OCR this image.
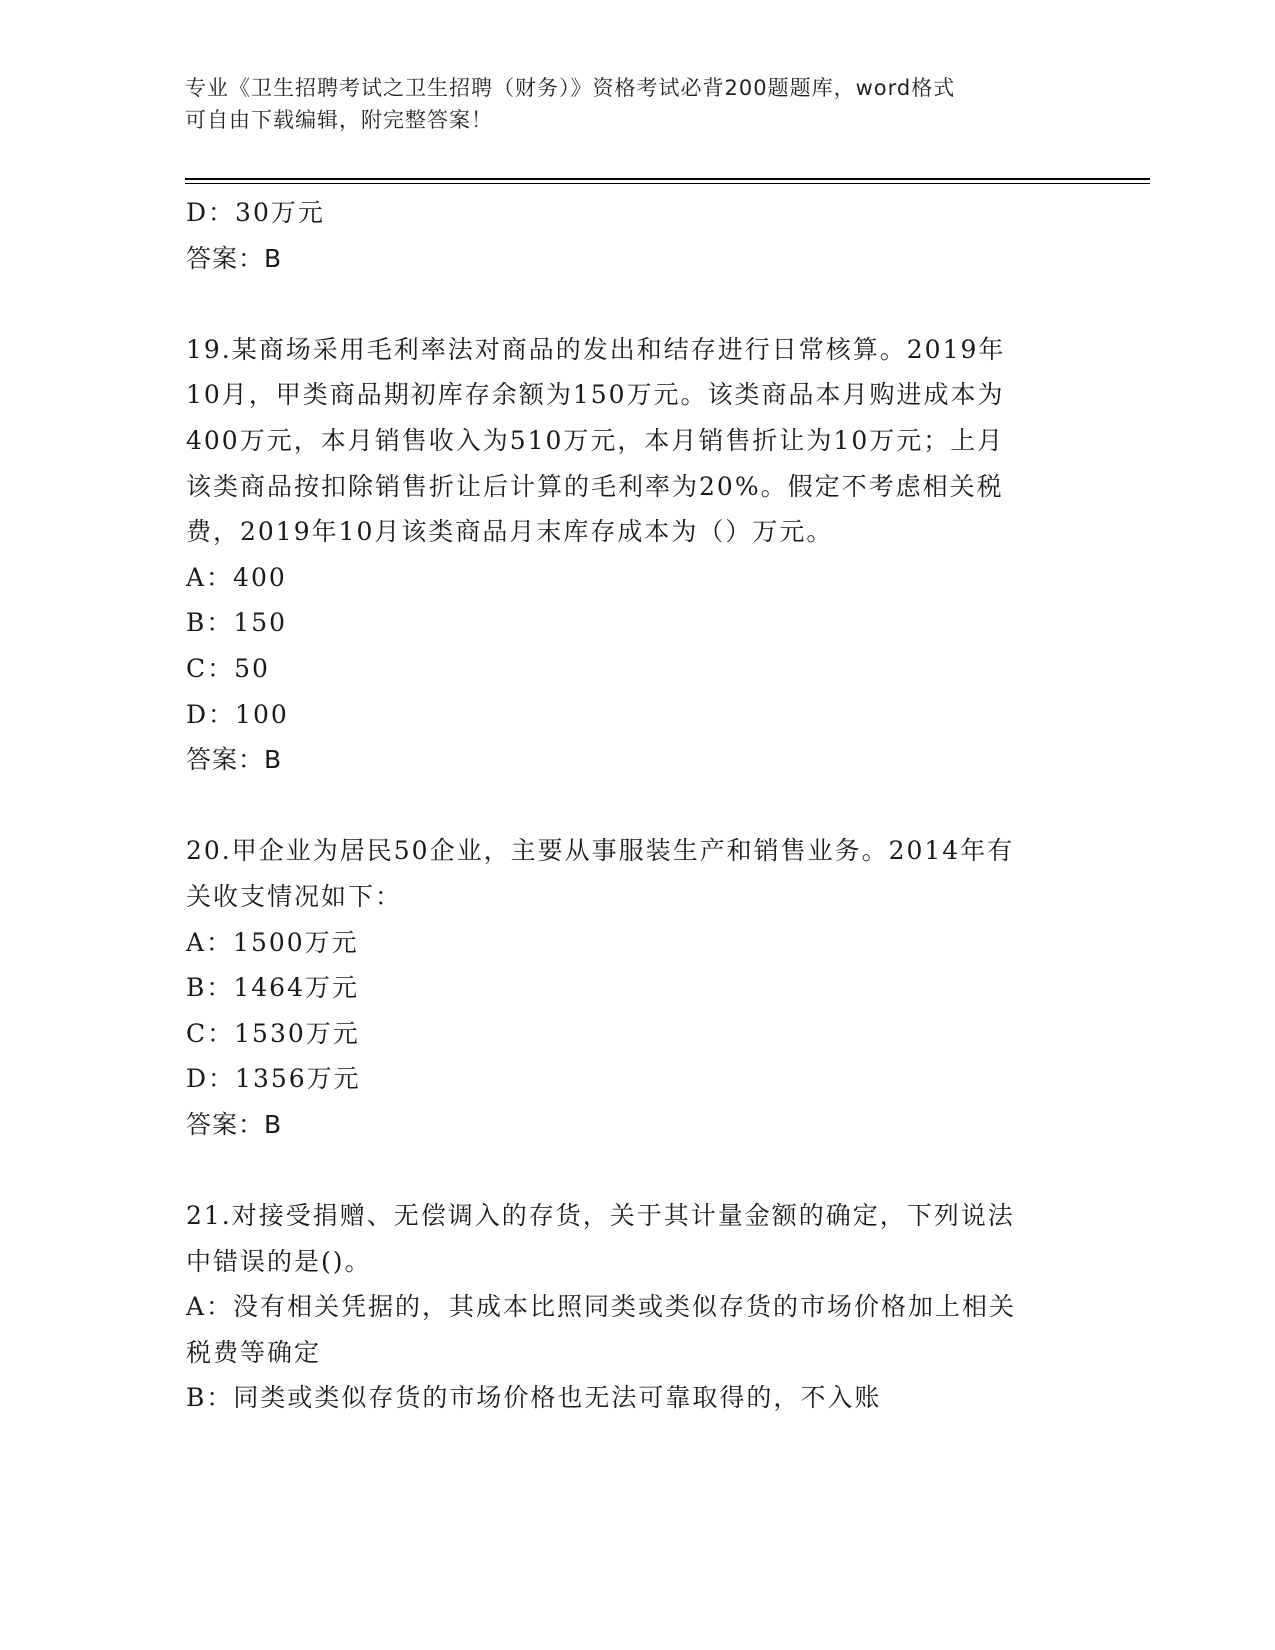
专业《卫生招聘考试之卫生招聘（财务）》资格考试必背200题题库，word格式
可自由下载编辑，附完整答案！
D：30万元
答案：B
19.某商场采用毛利率法对商品的发出和结存进行日常核算。2019年
10月，甲类商品期初库存余额为150万元。该类商品本月购进成本为
400万元，本月销售收入为510万元，本月销售折让为10万元；上月
该类商品按扣除销售折让后计算的毛利率为20%。假定不考虑相关税
费，2019年10月该类商品月末库存成本为（）万元。
A：400
B：150
C：50
D：100
答案：B
20.甲企业为居民50企业，主要从事服装生产和销售业务。2014年有
关收支情况如下：
A：1500万元
B：1464万元
C：1530万元
D：1356万元
答案：B
21.对接受捐赠、无偿调入的存货，关于其计量金额的确定，下列说法
中错误的是()。
A：没有相关凭据的，其成本比照同类或类似存货的市场价格加上相关
税费等确定
B：同类或类似存货的市场价格也无法可靠取得的，不入账
